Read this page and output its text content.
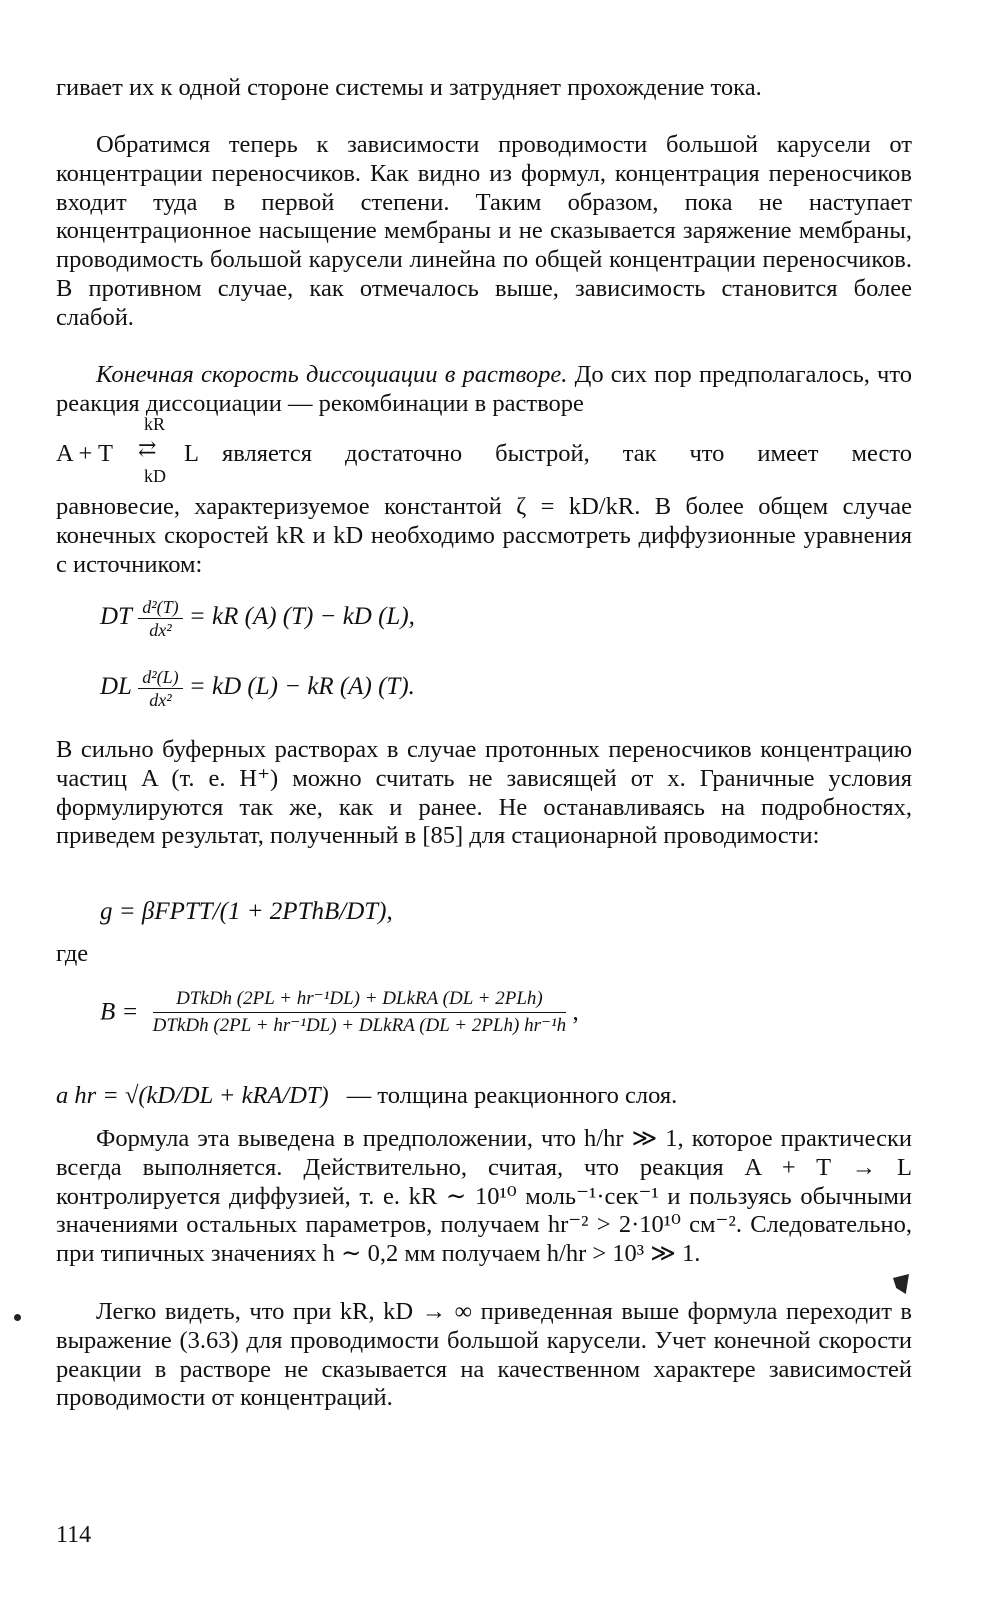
гивает их к одной стороне системы и затрудняет прохождение тока.

Обратимся теперь к зависимости проводимости большой карусели от концентрации переносчиков. Как видно из формул, концентрация переносчиков входит туда в первой степени. Таким образом, пока не наступает концентрационное насыщение мембраны и не сказывается заряжение мембраны, проводимость большой карусели линейна по общей концентрации переносчиков. В противном случае, как отмечалось выше, зависимость становится более слабой.

Конечная скорость диссоциации в растворе. До сих пор предполагалось, что реакция диссоциации — рекомбинации в растворе

kR
A + T ⇄ L является достаточно быстрой, так что имеет место
kD

равновесие, характеризуемое константой ζ = kD/kR. В более общем случае конечных скоростей kR и kD необходимо рассмотреть диффузионные уравнения с источником:

DT $\frac{\text{d²(T)}}{\text{dx²}}$ = kR (A) (T) − kD (L),
DL $\frac{\text{d²(L)}}{\text{dx²}}$ = kD (L) − kR (A) (T).

В сильно буферных растворах в случае протонных переносчиков концентрацию частиц A (т. е. H⁺) можно считать не зависящей от x. Граничные условия формулируются так же, как и ранее. Не останавливаясь на подробностях, приведем результат, полученный в [85] для стационарной проводимости:

g = βFPTT/(1 + 2PThB/DT),
где
$B = \frac{\text{DTkDh (2PL + hr⁻¹DL) + DLkRA (DL + 2PLh)}}{\text{DTkDh (2PL + hr⁻¹DL) + DLkRA (DL + 2PLh) hr⁻¹h}}$ ,
a hr = √(kD/DL + kRA/DT) — толщина реакционного слоя.

Формула эта выведена в предположении, что h/hr ≫ 1, которое практически всегда выполняется. Действительно, считая, что реакция A + T → L контролируется диффузией, т. е. kR ∼ 10¹⁰ моль⁻¹·сек⁻¹ и пользуясь обычными значениями остальных параметров, получаем hr⁻² > 2·10¹⁰ см⁻². Следовательно, при типичных значениях h ∼ 0,2 мм получаем h/hr > 10³ ≫ 1.

Легко видеть, что при kR, kD → ∞ приведенная выше формула переходит в выражение (3.63) для проводимости большой карусели. Учет конечной скорости реакции в растворе не сказывается на качественном характере зависимостей проводимости от концентраций.

114
